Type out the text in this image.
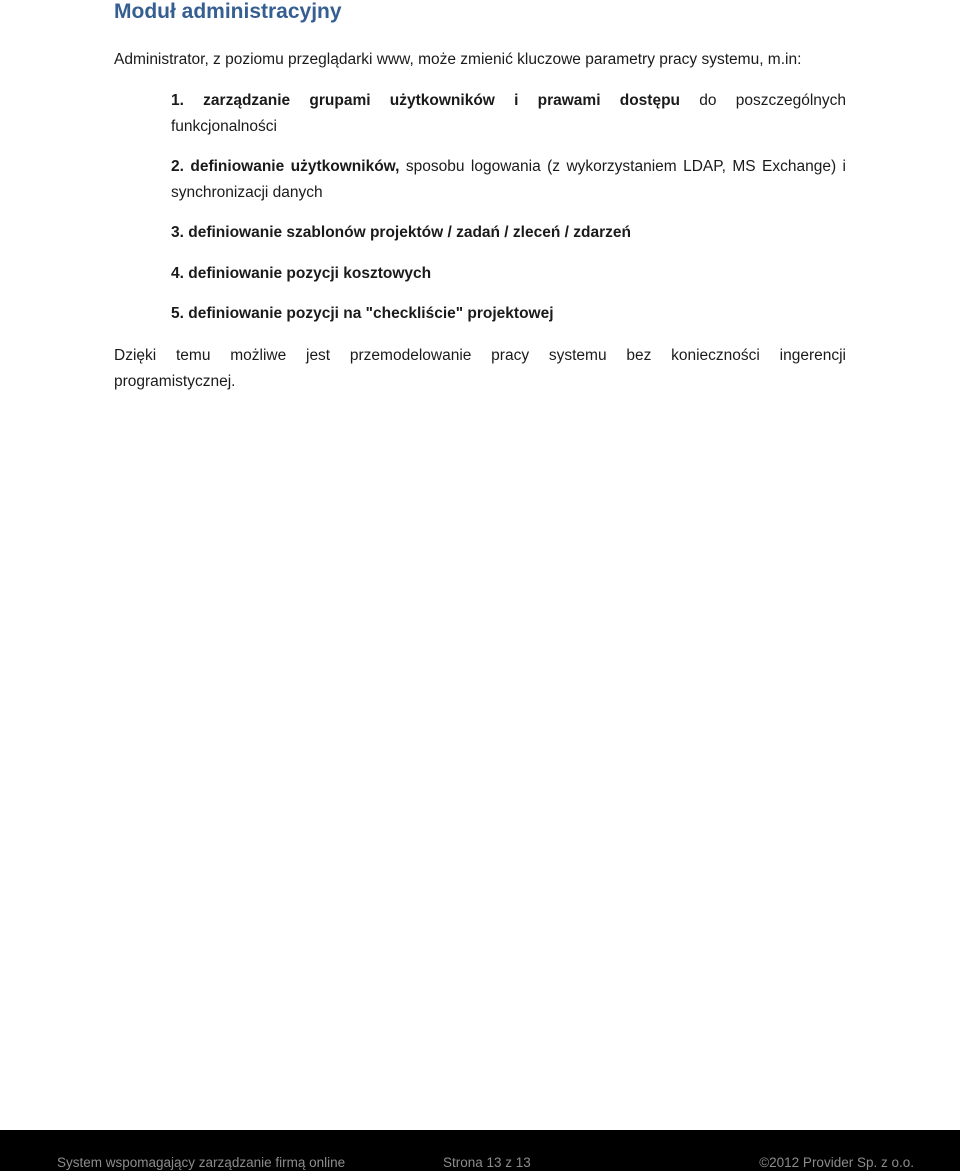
Moduł administracyjny

Administrator, z poziomu przeglądarki www, może zmienić kluczowe parametry pracy systemu, m.in:

1. zarządzanie grupami użytkowników i prawami dostępu do poszczególnych
funkcjonalności
2. definiowanie użytkowników, sposobu logowania (z wykorzystaniem LDAP, MS Exchange) i
synchronizacji danych
3. definiowanie szablonów projektów / zadań / zleceń / zdarzeń
4. definiowanie pozycji kosztowych
5. definiowanie pozycji na "checkliście" projektowej

Dzięki temu możliwe jest przemodelowanie pracy systemu bez konieczności ingerencji
programistycznej.

System wspomagający zarządzanie firmą online	Strona 13 z 13	©2012 Provider Sp. z o.o.
